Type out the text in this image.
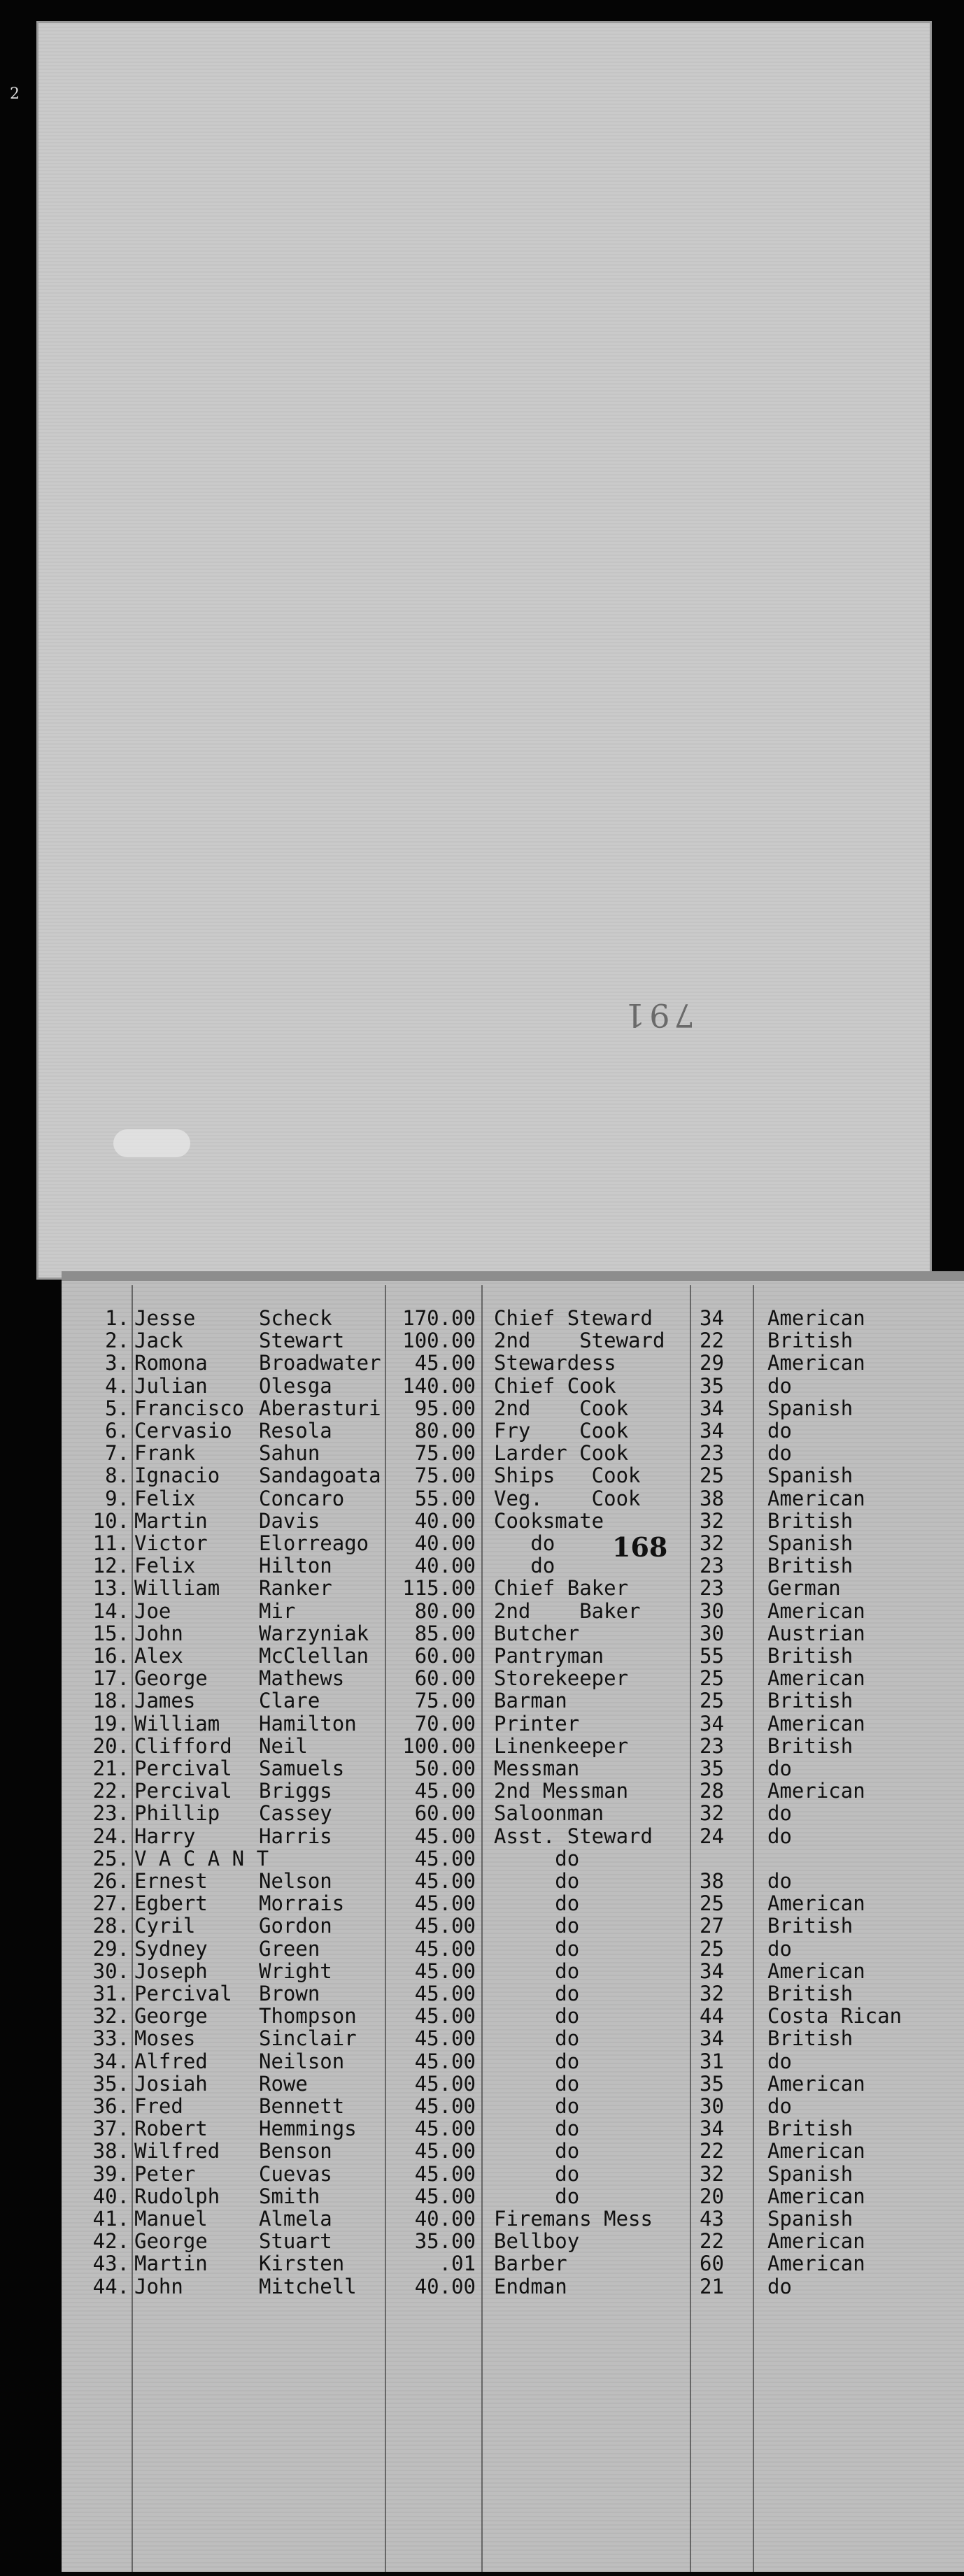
2
791
168
1. Jesse	Scheck	170.00 Chief Steward 34 American
2. Jack	Stewart	100.00 2nd    Steward 22 British
3. Romona	Broadwater	45.00 Stewardess	29 American
4. Julian	Olesga	140.00 Chief Cook	35 do
5. Francisco Aberasturi	95.00 2nd    Cook	34 Spanish
6. Cervasio Resola	80.00 Fry    Cook	34 do
7. Frank	Sahun	75.00 Larder Cook	23 do
8. Ignacio Sandagoata	75.00 Ships   Cook	25 Spanish
9. Felix	Concaro	55.00 Veg.    Cook	38 American
10. Martin	Davis	40.00 Cooksmate	32 British
11. Victor	Elorreago	40.00 do	32 Spanish
12. Felix	Hilton	40.00 do	23 British
13. William Ranker	115.00 Chief Baker	23 German
14. Joe	Mir	80.00 2nd    Baker	30 American
15. John	Warzyniak	85.00 Butcher	30 Austrian
16. Alex	McClellan	60.00 Pantryman	55 British
17. George	Mathews	60.00 Storekeeper	25 American
18. James	Clare	75.00 Barman	25 British
19. William Hamilton	70.00 Printer	34 American
20. Clifford Neil	100.00 Linenkeeper	23 British
21. Percival Samuels	50.00 Messman	35 do
22. Percival Briggs	45.00 2nd Messman	28 American
23. Phillip Cassey	60.00 Saloonman	32 do
24. Harry	Harris	45.00 Asst. Steward 24 do
25. V A C A N T	45.00 do
26. Ernest	Nelson	45.00 do	38 do
27. Egbert	Morrais	45.00 do	25 American
28. Cyril	Gordon	45.00 do	27 British
29. Sydney	Green	45.00 do	25 do
30. Joseph	Wright	45.00 do	34 American
31. Percival Brown	45.00 do	32 British
32. George	Thompson	45.00 do	44 Costa Rican
33. Moses	Sinclair	45.00 do	34 British
34. Alfred	Neilson	45.00 do	31 do
35. Josiah	Rowe	45.00 do	35 American
36. Fred	Bennett	45.00 do	30 do
37. Robert	Hemmings	45.00 do	34 British
38. Wilfred Benson	45.00 do	22 American
39. Peter	Cuevas	45.00 do	32 Spanish
40. Rudolph Smith	45.00 do	20 American
41. Manuel	Almela	40.00 Firemans Mess 43 Spanish
42. George	Stuart	35.00 Bellboy	22 American
43. Martin	Kirsten	.01 Barber	60 American
44. John	Mitchell	40.00 Endman	21 do
